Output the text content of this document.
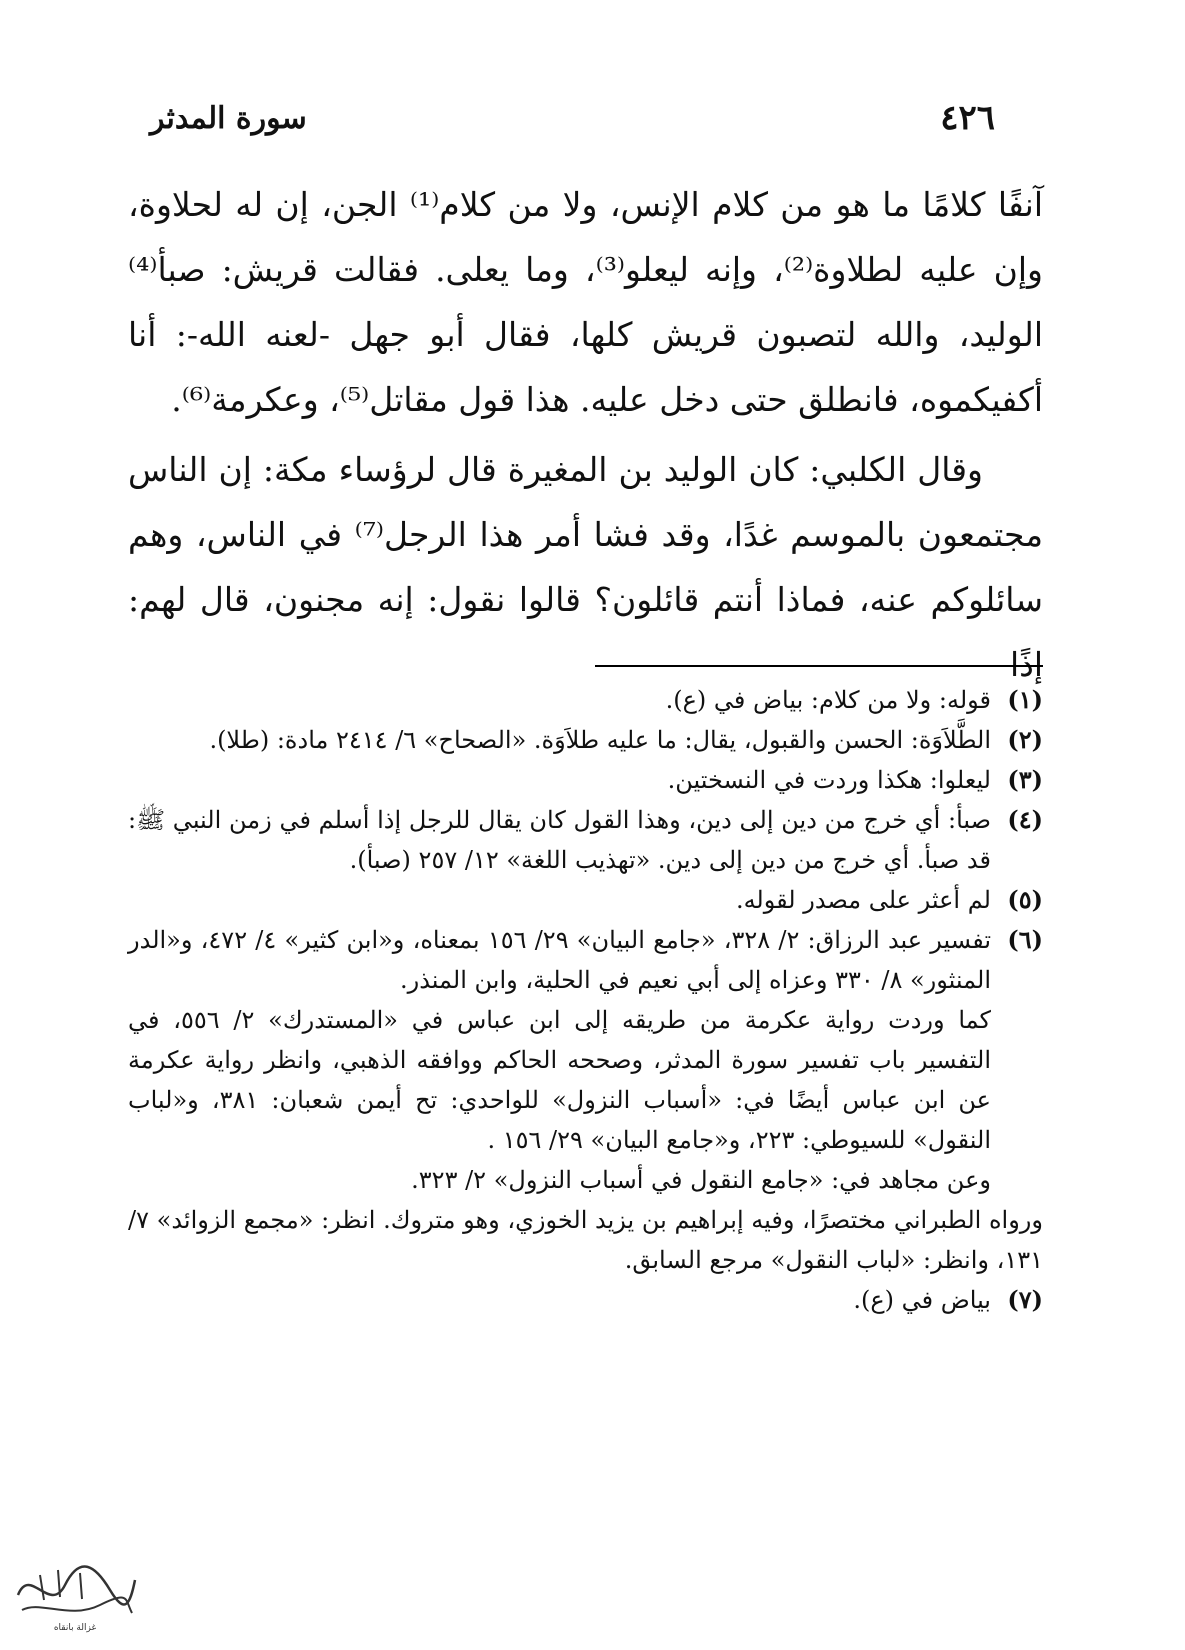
٤٢٦
سورة المدثر

آنفًا كلامًا ما هو من كلام الإنس، ولا من كلام⁽¹⁾ الجن، إن له لحلاوة، وإن عليه لطلاوة⁽²⁾، وإنه ليعلو⁽³⁾، وما يعلى. فقالت قريش: صبأ⁽⁴⁾ الوليد، والله لتصبون قريش كلها، فقال أبو جهل -لعنه الله-: أنا أكفيكموه، فانطلق حتى دخل عليه. هذا قول مقاتل⁽⁵⁾، وعكرمة⁽⁶⁾.

وقال الكلبي: كان الوليد بن المغيرة قال لرؤساء مكة: إن الناس مجتمعون بالموسم غدًا، وقد فشا أمر هذا الرجل⁽⁷⁾ في الناس، وهم سائلوكم عنه، فماذا أنتم قائلون؟ قالوا نقول: إنه مجنون، قال لهم: إذًا

(١)
قوله: ولا من كلام: بياض في (ع).
(٢)
الطَّلاَوَة: الحسن والقبول، يقال: ما عليه طلاَوَة. «الصحاح» ٦/ ٢٤١٤ مادة: (طلا).
(٣)
ليعلوا: هكذا وردت في النسختين.
(٤)
صبأ: أي خرج من دين إلى دين، وهذا القول كان يقال للرجل إذا أسلم في زمن النبي ﷺ: قد صبأ. أي خرج من دين إلى دين. «تهذيب اللغة» ١٢/ ٢٥٧ (صبأ).
(٥)
لم أعثر على مصدر لقوله.
(٦)
تفسير عبد الرزاق: ٢/ ٣٢٨، «جامع البيان» ٢٩/ ١٥٦ بمعناه، و«ابن كثير» ٤/ ٤٧٢، و«الدر المنثور» ٨/ ٣٣٠ وعزاه إلى أبي نعيم في الحلية، وابن المنذر.
كما وردت رواية عكرمة من طريقه إلى ابن عباس في «المستدرك» ٢/ ٥٥٦، في التفسير باب تفسير سورة المدثر، وصححه الحاكم ووافقه الذهبي، وانظر رواية عكرمة عن ابن عباس أيضًا في: «أسباب النزول» للواحدي: تح أيمن شعبان: ٣٨١، و«لباب النقول» للسيوطي: ٢٢٣، و«جامع البيان» ٢٩/ ١٥٦ .
وعن مجاهد في: «جامع النقول في أسباب النزول» ٢/ ٣٢٣.
ورواه الطبراني مختصرًا، وفيه إبراهيم بن يزيد الخوزي، وهو متروك. انظر: «مجمع الزوائد» ٧/ ١٣١، وانظر: «لباب النقول» مرجع السابق.
(٧)
بياض في (ع).
غزالة بانقاه
